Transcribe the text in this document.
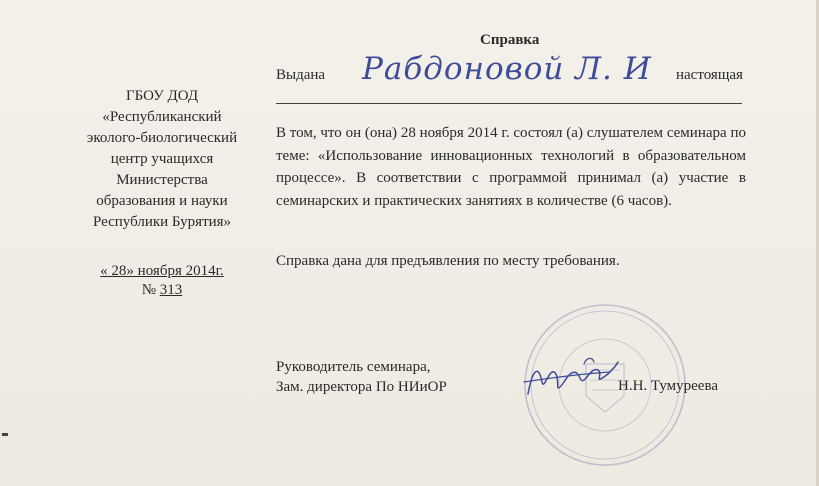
Справка
Выдана Рабдоновой Л. И настоящая
В том, что он (она) 28 ноября 2014 г. состоял (а) слушателем семинара по теме: «Использование инновационных технологий в образовательном процессе». В соответствии с программой принимал (а) участие в семинарских и практических занятиях в количестве (6 часов).
Справка дана для предъявления по месту требования.
ГБОУ ДОД
«Республиканский
эколого-биологический
центр учащихся
Министерства
образования и науки
Республики Бурятия»
« 28» ноября 2014г.
№ 313
Руководитель семинара,
Зам. директора По НИиОР	Н.Н. Тумуреева
